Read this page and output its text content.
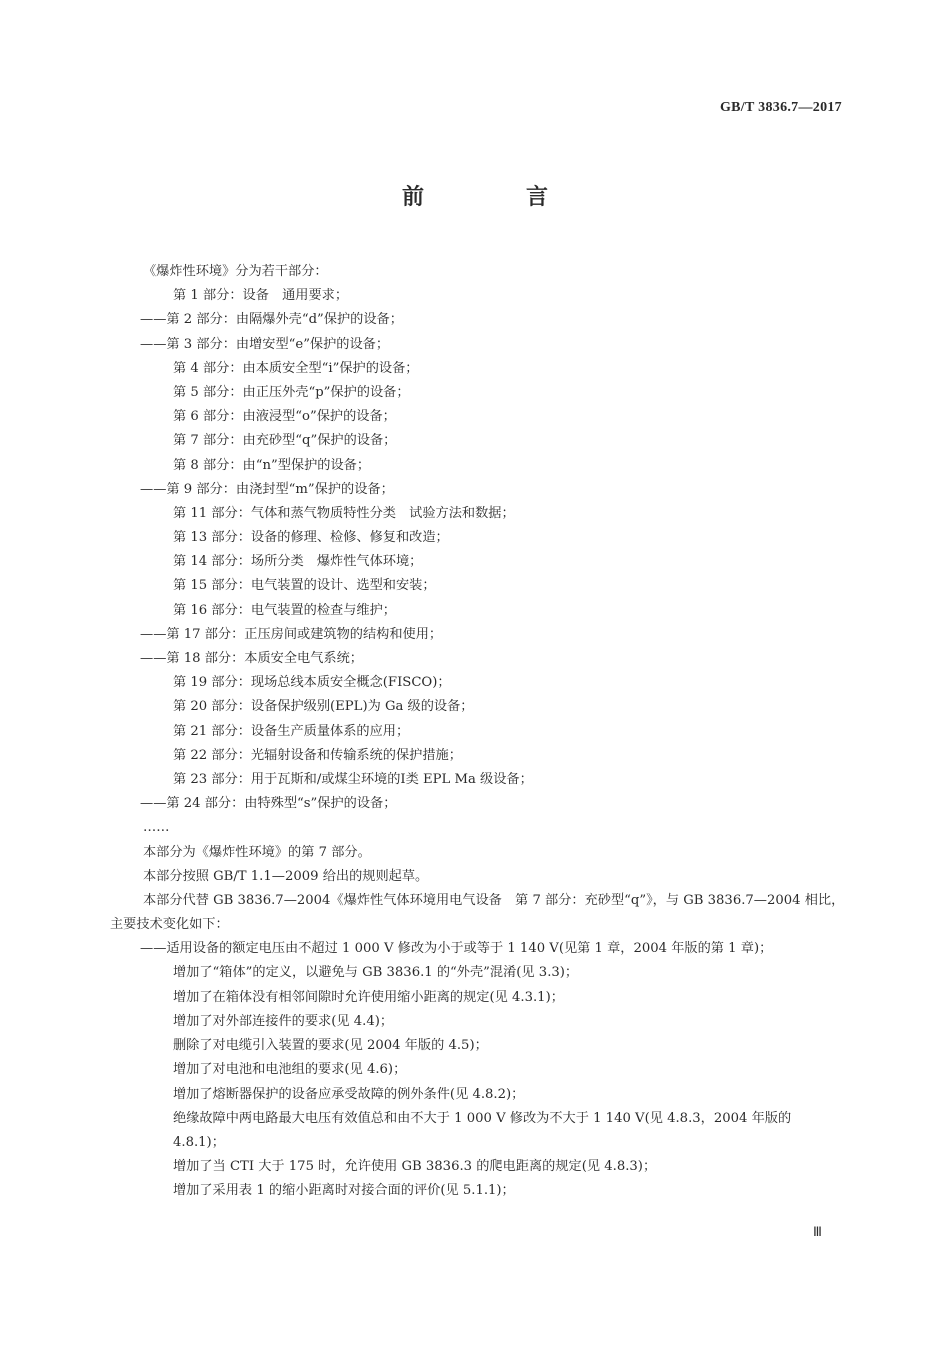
GB/T 3836.7—2017
前　言
《爆炸性环境》分为若干部分：
第 1 部分：设备　通用要求；
——第 2 部分：由隔爆外壳“d”保护的设备；
——第 3 部分：由增安型“e”保护的设备；
第 4 部分：由本质安全型“i”保护的设备；
第 5 部分：由正压外壳“p”保护的设备；
第 6 部分：由液浸型“o”保护的设备；
第 7 部分：由充砂型“q”保护的设备；
第 8 部分：由“n”型保护的设备；
——第 9 部分：由浇封型“m”保护的设备；
第 11 部分：气体和蒸气物质特性分类　试验方法和数据；
第 13 部分：设备的修理、检修、修复和改造；
第 14 部分：场所分类　爆炸性气体环境；
第 15 部分：电气装置的设计、选型和安装；
第 16 部分：电气装置的检查与维护；
——第 17 部分：正压房间或建筑物的结构和使用；
——第 18 部分：本质安全电气系统；
第 19 部分：现场总线本质安全概念(FISCO)；
第 20 部分：设备保护级别(EPL)为 Ga 级的设备；
第 21 部分：设备生产质量体系的应用；
第 22 部分：光辐射设备和传输系统的保护措施；
第 23 部分：用于瓦斯和/或煤尘环境的Ⅰ类 EPL Ma 级设备；
——第 24 部分：由特殊型“s”保护的设备；
……
本部分为《爆炸性环境》的第 7 部分。
本部分按照 GB/T 1.1—2009 给出的规则起草。
本部分代替 GB 3836.7—2004《爆炸性气体环境用电气设备　第 7 部分：充砂型“q”》，与 GB 3836.7—2004 相比，主要技术变化如下：
——适用设备的额定电压由不超过 1 000 V 修改为小于或等于 1 140 V(见第 1 章，2004 年版的第 1 章)；
增加了“箱体”的定义，以避免与 GB 3836.1 的“外壳”混淆(见 3.3)；
增加了在箱体没有相邻间隙时允许使用缩小距离的规定(见 4.3.1)；
增加了对外部连接件的要求(见 4.4)；
删除了对电缆引入装置的要求(见 2004 年版的 4.5)；
增加了对电池和电池组的要求(见 4.6)；
增加了熔断器保护的设备应承受故障的例外条件(见 4.8.2)；
绝缘故障中两电路最大电压有效值总和由不大于 1 000 V 修改为不大于 1 140 V(见 4.8.3，2004 年版的 4.8.1)；
增加了当 CTI 大于 175 时，允许使用 GB 3836.3 的爬电距离的规定(见 4.8.3)；
增加了采用表 1 的缩小距离时对接合面的评价(见 5.1.1)；
Ⅲ
